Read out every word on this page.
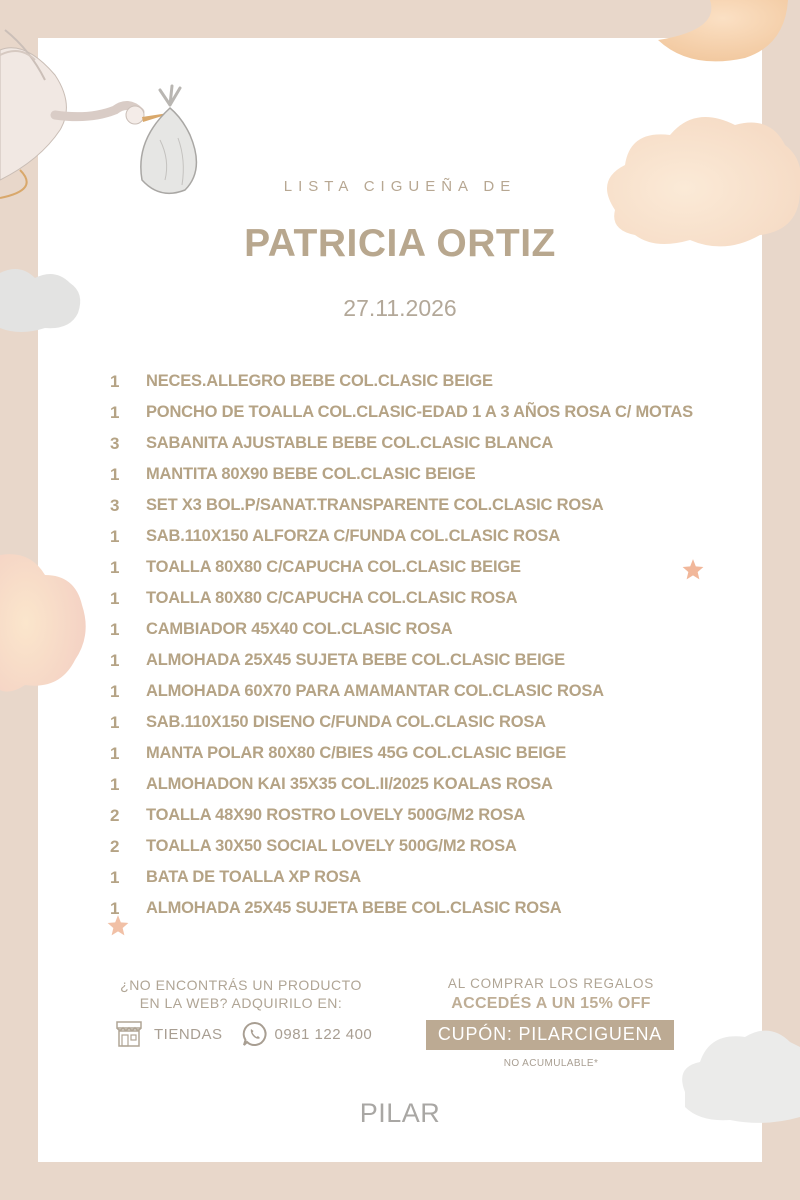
LISTA CIGUEÑA DE
PATRICIA ORTIZ
27.11.2026
1	NECES.ALLEGRO BEBE COL.CLASIC BEIGE
1	PONCHO DE TOALLA COL.CLASIC-EDAD 1 A 3 AÑOS ROSA C/ MOTAS
3	SABANITA AJUSTABLE BEBE COL.CLASIC BLANCA
1	MANTITA 80X90 BEBE COL.CLASIC BEIGE
3	SET X3 BOL.P/SANAT.TRANSPARENTE COL.CLASIC ROSA
1	SAB.110X150 ALFORZA C/FUNDA COL.CLASIC ROSA
1	TOALLA 80X80 C/CAPUCHA COL.CLASIC BEIGE
1	TOALLA 80X80 C/CAPUCHA COL.CLASIC ROSA
1	CAMBIADOR 45X40 COL.CLASIC ROSA
1	ALMOHADA 25X45 SUJETA BEBE COL.CLASIC BEIGE
1	ALMOHADA 60X70 PARA AMAMANTAR COL.CLASIC ROSA
1	SAB.110X150 DISENO C/FUNDA COL.CLASIC ROSA
1	MANTA POLAR 80X80 C/BIES 45G COL.CLASIC BEIGE
1	ALMOHADON KAI 35X35 COL.II/2025 KOALAS ROSA
2	TOALLA 48X90 ROSTRO LOVELY 500G/M2 ROSA
2	TOALLA 30X50 SOCIAL LOVELY 500G/M2 ROSA
1	BATA DE TOALLA XP ROSA
1	ALMOHADA 25X45 SUJETA BEBE COL.CLASIC ROSA
¿NO ENCONTRÁS UN PRODUCTO
EN LA WEB? ADQUIRILO EN:
TIENDAS	0981 122 400
AL COMPRAR LOS REGALOS
ACCEDÉS A UN 15% OFF
CUPÓN: PILARCIGUENA
NO ACUMULABLE*
PILAR
